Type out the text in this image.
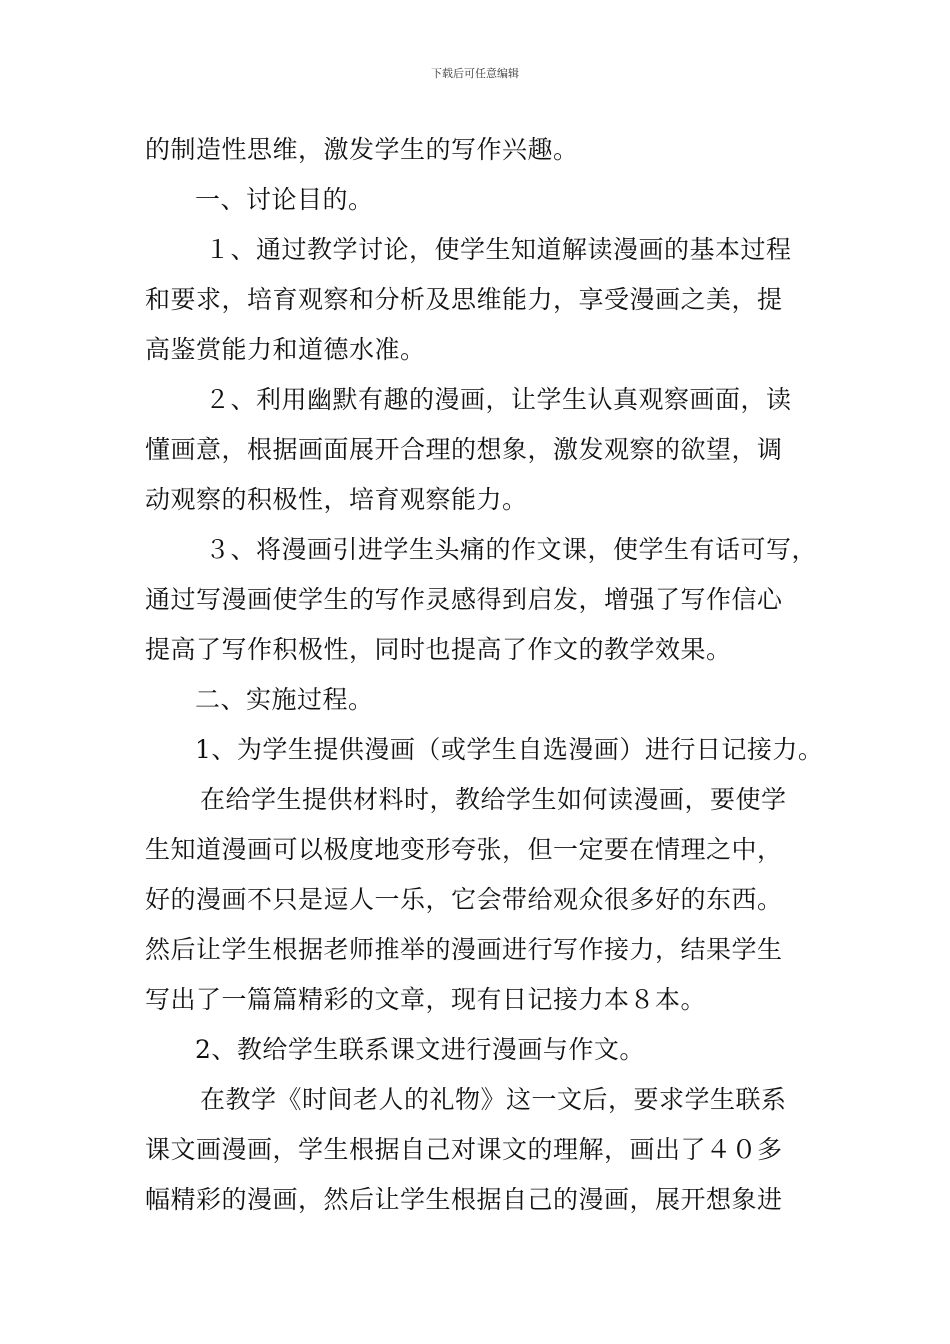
下载后可任意编辑
的制造性思维，激发学生的写作兴趣。
一、讨论目的。
１、通过教学讨论，使学生知道解读漫画的基本过程
和要求，培育观察和分析及思维能力，享受漫画之美，提
高鉴赏能力和道德水准。
２、利用幽默有趣的漫画，让学生认真观察画面，读
懂画意，根据画面展开合理的想象，激发观察的欲望，调
动观察的积极性，培育观察能力。
３、将漫画引进学生头痛的作文课，使学生有话可写，
通过写漫画使学生的写作灵感得到启发，增强了写作信心
提高了写作积极性，同时也提高了作文的教学效果。
二、实施过程。
1、为学生提供漫画（或学生自选漫画）进行日记接力。
在给学生提供材料时，教给学生如何读漫画，要使学
生知道漫画可以极度地变形夸张，但一定要在情理之中，
好的漫画不只是逗人一乐，它会带给观众很多好的东西。
然后让学生根据老师推举的漫画进行写作接力，结果学生
写出了一篇篇精彩的文章，现有日记接力本８本。
2、教给学生联系课文进行漫画与作文。
在教学《时间老人的礼物》这一文后，要求学生联系
课文画漫画，学生根据自己对课文的理解，画出了４０多
幅精彩的漫画，然后让学生根据自己的漫画，展开想象进
